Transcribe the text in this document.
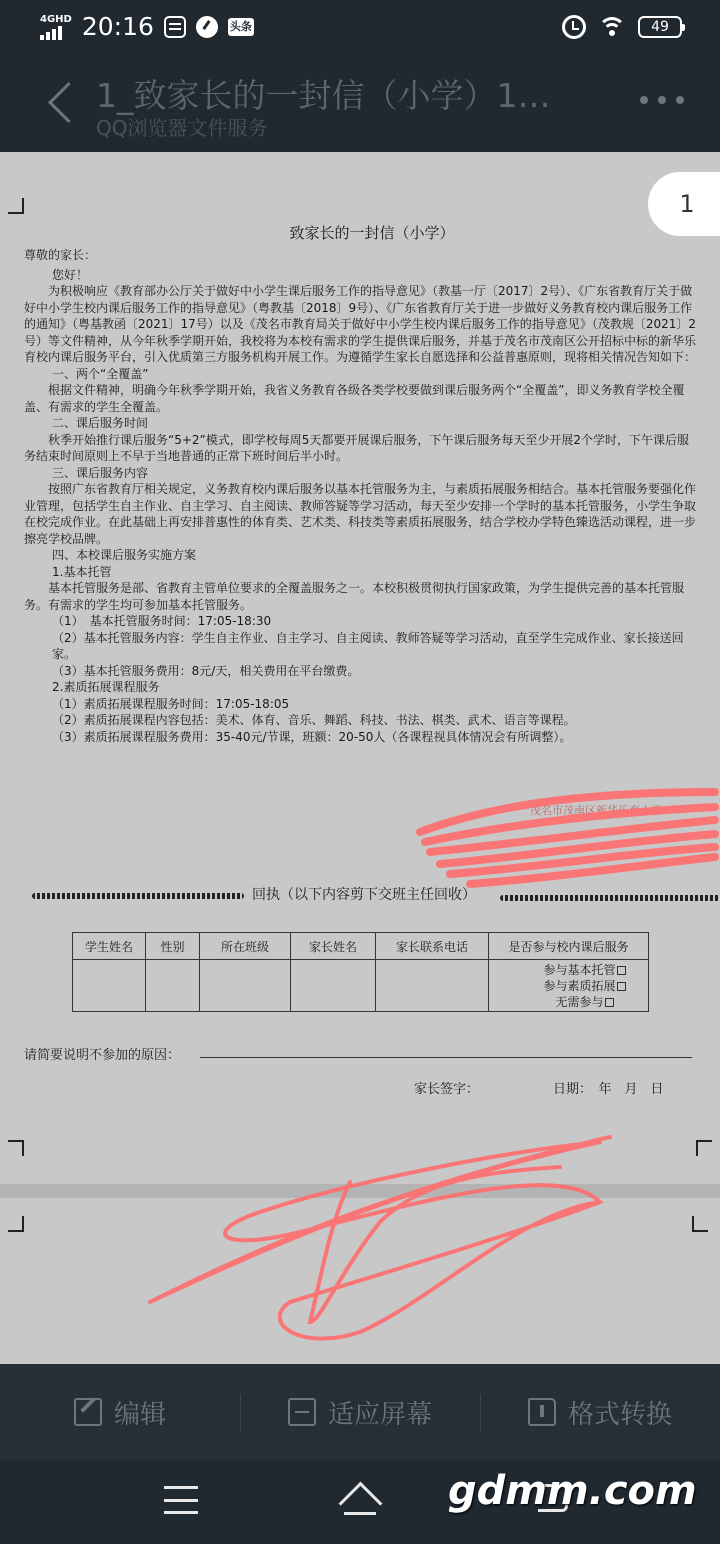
4GHD 20:16	头条	49
1_致家长的一封信（小学）1…
QQ浏览器文件服务
1
致家长的一封信（小学）

尊敬的家长：

您好！

为积极响应《教育部办公厅关于做好中小学生课后服务工作的指导意见》（教基一厅〔2017〕2号）、《广东省教育厅关于做好中小学生校内课后服务工作的指导意见》（粤教基〔2018〕9号）、《广东省教育厅关于进一步做好义务教育校内课后服务工作的通知》（粤基教函〔2021〕17号）以及《茂名市教育局关于做好中小学生校内课后服务工作的指导意见》（茂教规〔2021〕2号）等文件精神，从今年秋季学期开始，我校将为本校有需求的学生提供课后服务，并基于茂名市茂南区公开招标中标的新华乐育校内课后服务平台，引入优质第三方服务机构开展工作。为遵循学生家长自愿选择和公益普惠原则，现将相关情况告知如下：

一、两个“全覆盖”

根据文件精神，明确今年秋季学期开始，我省义务教育各级各类学校要做到课后服务两个“全覆盖”，即义务教育学校全覆盖、有需求的学生全覆盖。

二、课后服务时间

秋季开始推行课后服务“5+2”模式，即学校每周5天都要开展课后服务，下午课后服务每天至少开展2个学时，下午课后服务结束时间原则上不早于当地普通的正常下班时间后半小时。

三、课后服务内容

按照广东省教育厅相关规定，义务教育校内课后服务以基本托管服务为主，与素质拓展服务相结合。基本托管服务要强化作业管理，包括学生自主作业、自主学习、自主阅读、教师答疑等学习活动，每天至少安排一个学时的基本托管服务，小学生争取在校完成作业。在此基础上再安排普惠性的体育类、艺术类、科技类等素质拓展服务，结合学校办学特色臻选活动课程，进一步擦亮学校品牌。

四、本校课后服务实施方案

1.基本托管

基本托管服务是部、省教育主管单位要求的全覆盖服务之一。本校积极贯彻执行国家政策，为学生提供完善的基本托管服务。有需求的学生均可参加基本托管服务。

（1）　基本托管服务时间：17:05-18:30

（2）基本托管服务内容：学生自主作业、自主学习、自主阅读、教师答疑等学习活动，直至学生完成作业、家长接送回家。

（3）基本托管服务费用：8元/天，相关费用在平台缴费。

2.素质拓展课程服务

（1）素质拓展课程服务时间：17:05-18:05

（2）素质拓展课程内容包括：美术、体育、音乐、舞蹈、科技、书法、棋类、武术、语言等课程。

（3）素质拓展课程服务费用：35-40元/节课，班额：20-50人（各课程视具体情况会有所调整）。

茂名市茂南区新华乐育小学
回执（以下内容剪下交班主任回收）
学生姓名	性别	所在班级	家长姓名	家长联系电话	是否参与校内课后服务

					参与基本托管
参与素质拓展
无需参与
请简要说明不参加的原因：
家长签字：	日期：　年　月　日
编辑	适应屏幕	格式转换
gdmm.com
